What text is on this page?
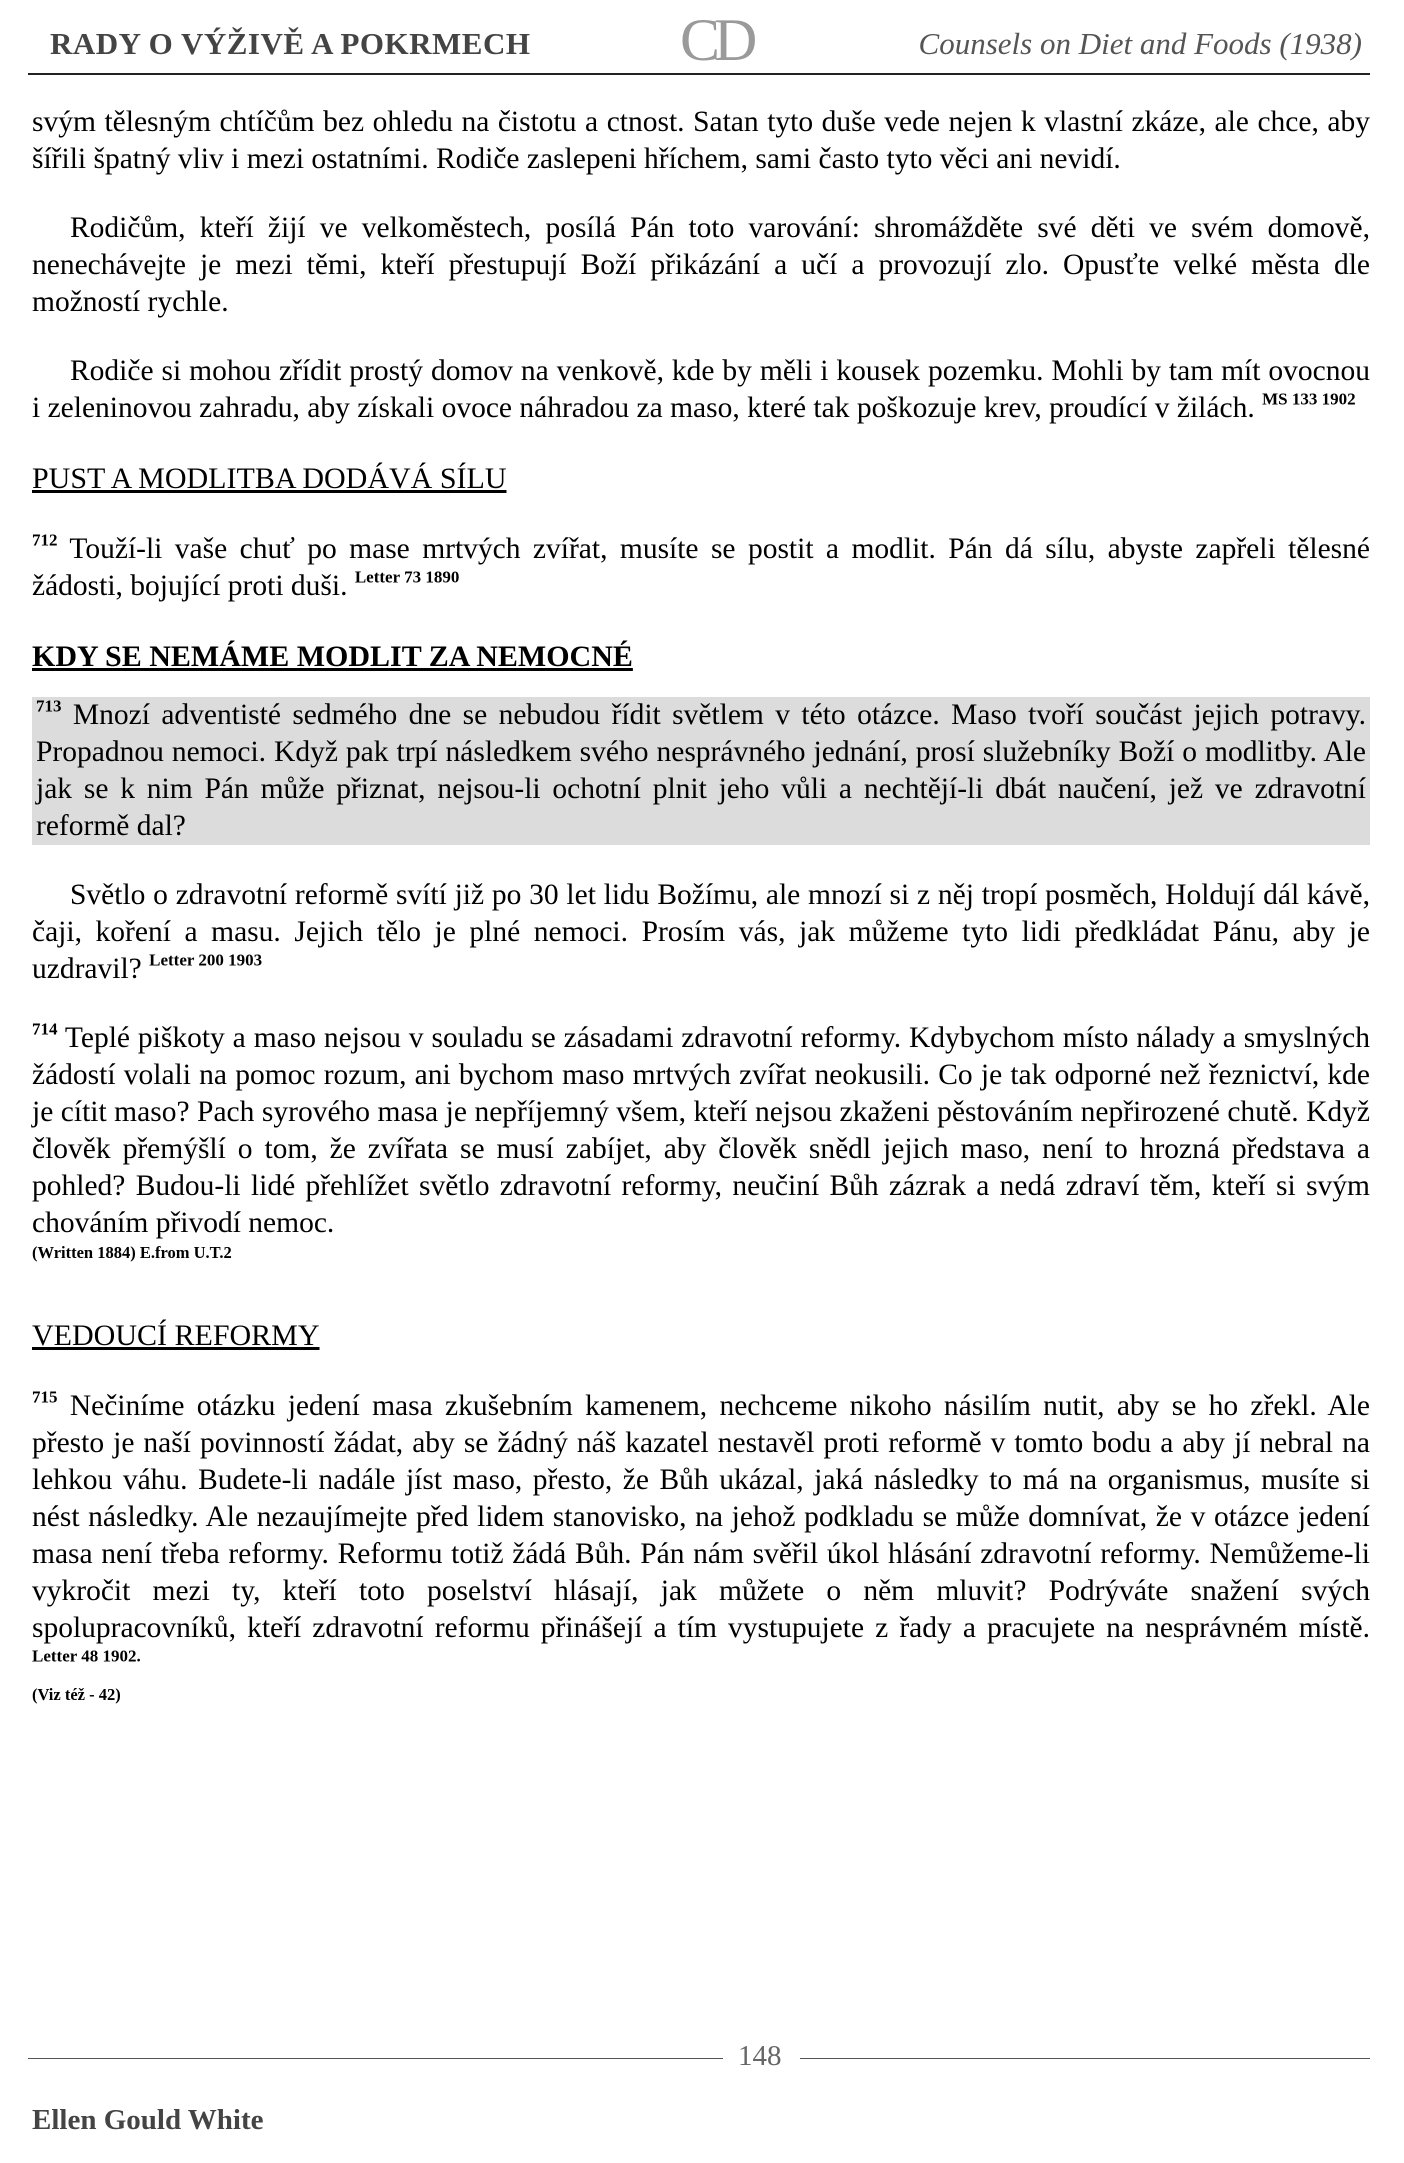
RADY O VÝŽIVĚ A POKRMECH CD	Counsels on Diet and Foods (1938)

svým tělesným chtíčům bez ohledu na čistotu a ctnost. Satan tyto duše vede nejen k vlastní zkáze, ale chce, aby šířili špatný vliv i mezi ostatními. Rodiče zaslepeni hříchem, sami často tyto věci ani nevidí.

Rodičům, kteří žijí ve velkoměstech, posílá Pán toto varování: shromážděte své děti ve svém domově, nenechávejte je mezi těmi, kteří přestupují Boží přikázání a učí a provozují zlo. Opusťte velké města dle možností rychle.

Rodiče si mohou zřídit prostý domov na venkově, kde by měli i kousek pozemku. Mohli by tam mít ovocnou i zeleninovou zahradu, aby získali ovoce náhradou za maso, které tak poškozuje krev, proudící v žilách. $^{MS 133 1902}$

PUST A MODLITBA DODÁVÁ SÍLU

$^{712}$ Touží-li vaše chuť po mase mrtvých zvířat, musíte se postit a modlit. Pán dá sílu, abyste zapřeli tělesné žádosti, bojující proti duši. $^{Letter 73 1890}$

KDY SE NEMÁME MODLIT ZA NEMOCNÉ

$^{713}$ Mnozí adventisté sedmého dne se nebudou řídit světlem v této otázce. Maso tvoří součást jejich potravy. Propadnou nemoci. Když pak trpí následkem svého nesprávného jednání, prosí služebníky Boží o modlitby. Ale jak se k nim Pán může přiznat, nejsou-li ochotní plnit jeho vůli a nechtějí-li dbát naučení, jež ve zdravotní reformě dal?

Světlo o zdravotní reformě svítí již po 30 let lidu Božímu, ale mnozí si z něj tropí posměch, Holdují dál kávě, čaji, koření a masu. Jejich tělo je plné nemoci. Prosím vás, jak můžeme tyto lidi předkládat Pánu, aby je uzdravil? $^{Letter 200 1903}$

$^{714}$ Teplé piškoty a maso nejsou v souladu se zásadami zdravotní reformy. Kdybychom místo nálady a smyslných žádostí volali na pomoc rozum, ani bychom maso mrtvých zvířat neokusili. Co je tak odporné než řeznictví, kde je cítit maso? Pach syrového masa je nepříjemný všem, kteří nejsou zkaženi pěstováním nepřirozené chutě. Když člověk přemýšlí o tom, že zvířata se musí zabíjet, aby člověk snědl jejich maso, není to hrozná představa a pohled? Budou-li lidé přehlížet světlo zdravotní reformy, neučiní Bůh zázrak a nedá zdraví těm, kteří si svým chováním přivodí nemoc.

(Written 1884) E.from U.T.2
VEDOUCÍ REFORMY

$^{715}$ Nečiníme otázku jedení masa zkušebním kamenem, nechceme nikoho násilím nutit, aby se ho zřekl. Ale přesto je naší povinností žádat, aby se žádný náš kazatel nestavěl proti reformě v tomto bodu a aby jí nebral na lehkou váhu. Budete-li nadále jíst maso, přesto, že Bůh ukázal, jaká následky to má na organismus, musíte si nést následky. Ale nezaujímejte před lidem stanovisko, na jehož podkladu se může domnívat, že v otázce jedení masa není třeba reformy. Reformu totiž žádá Bůh. Pán nám svěřil úkol hlásání zdravotní reformy. Nemůžeme-li vykročit mezi ty, kteří toto poselství hlásají, jak můžete o něm mluvit? Podrýváte snažení svých spolupracovníků, kteří zdravotní reformu přinášejí a tím vystupujete z řady a pracujete na nesprávném místě. $^{Letter 48 1902.}$

(Viz též - 42)
148
Ellen Gould White
